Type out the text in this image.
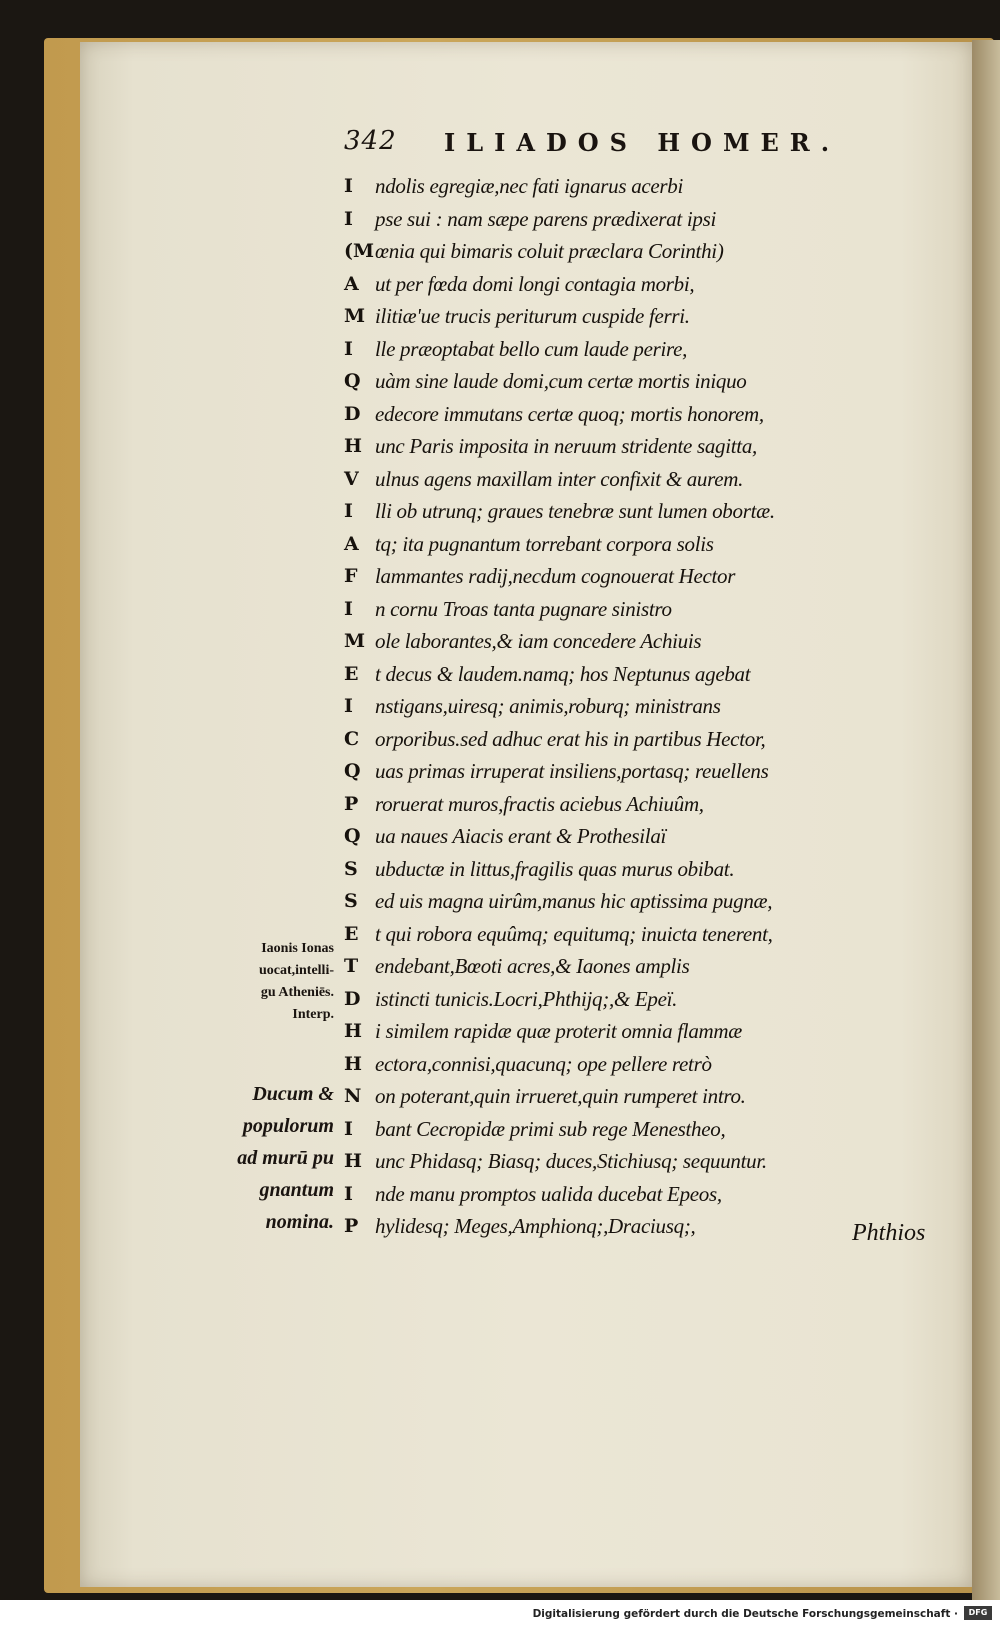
342 ILIADOS HOMER.
I	ndolis egregiæ,nec fati ignarus acerbi
I	pse sui : nam sæpe parens prædixerat ipsi
(M œnia qui bimaris coluit præclara Corinthi)
A ut per fœda domi longi contagia morbi,
M ilitiæ'ue trucis periturum cuspide ferri.
I	lle præoptabat bello cum laude perire,
Q uàm sine laude domi,cum certæ mortis iniquo
D edecore immutans certæ quoq; mortis honorem,
H unc Paris imposita in neruum stridente sagitta,
V ulnus agens maxillam inter confixit & aurem.
I	lli ob utrunq; graues tenebræ sunt lumen obortæ.
A tq; ita pugnantum torrebant corpora solis
F lammantes radij,necdum cognouerat Hector
I	n cornu Troas tanta pugnare sinistro
M ole laborantes,& iam concedere Achiuis
E t decus & laudem.namq; hos Neptunus agebat
I	nstigans,uiresq; animis,roburq; ministrans
C orporibus.sed adhuc erat his in partibus Hector,
Q uas primas irruperat insiliens,portasq; reuellens
P roruerat muros,fractis aciebus Achiuûm,
Q ua naues Aiacis erant & Prothesilaï
S ubductæ in littus,fragilis quas murus obibat.
S ed uis magna uirûm,manus hic aptissima pugnæ,
E t qui robora equûmq; equitumq; inuicta tenerent,
T endebant,Bœoti acres,& Iaones amplis
D istincti tunicis.Locri,Phthijq;,& Epeï.
H i similem rapidæ quæ proterit omnia flammæ
H ectora,connisi,quacunq; ope pellere retrò
N on poterant,quin irrueret,quin rumperet intro.
I	bant Cecropidæ primi sub rege Menestheo,
H unc Phidasq; Biasq; duces,Stichiusq; sequuntur.
I	nde manu promptos ualida ducebat Epeos,
P hylidesq; Meges,Amphionq;,Draciusq;,
Iaonis Ionas
uocat,intelli-
gu Atheniēs.
Interp.
Ducum &
populorum
ad murū pu
gnantum
nomina.	Phthios
Digitalisierung gefördert durch die Deutsche Forschungsgemeinschaft ·	DFG
